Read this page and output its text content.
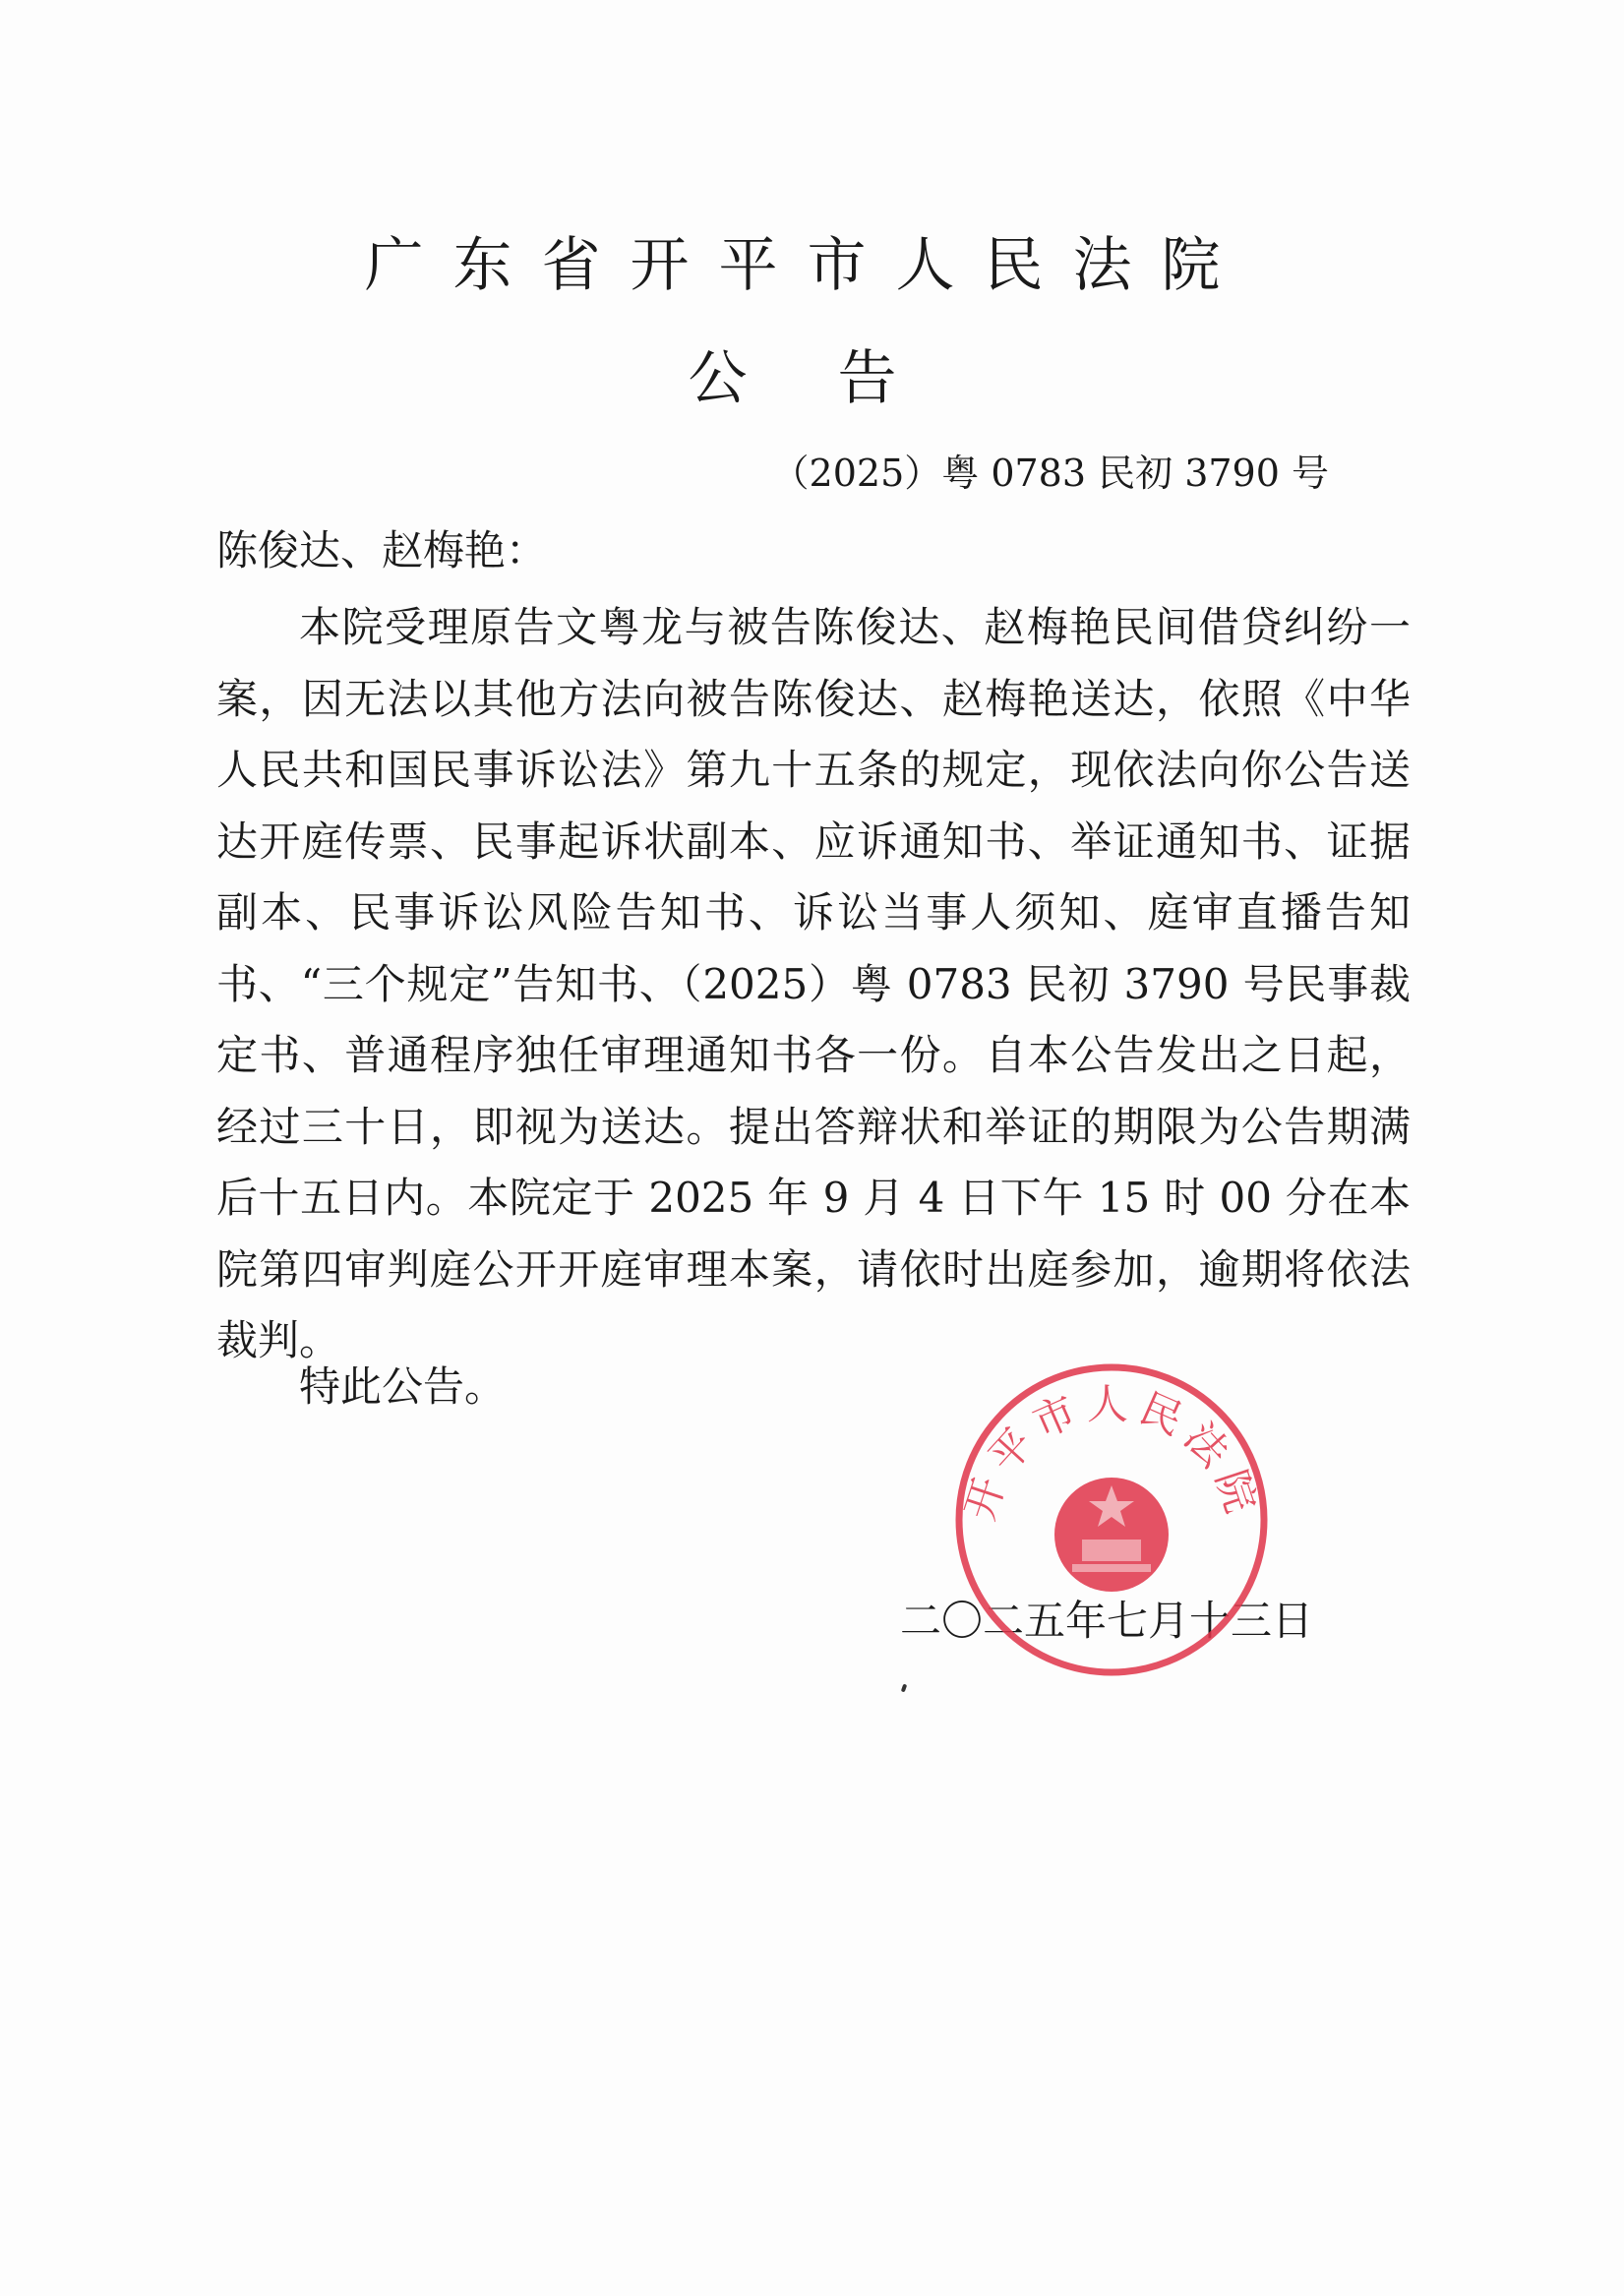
广东省开平市人民法院
公告
（2025）粤 0783 民初 3790 号
陈俊达、赵梅艳：
本院受理原告文粤龙与被告陈俊达、赵梅艳民间借贷纠纷一案，因无法以其他方法向被告陈俊达、赵梅艳送达，依照《中华人民共和国民事诉讼法》第九十五条的规定，现依法向你公告送达开庭传票、民事起诉状副本、应诉通知书、举证通知书、证据副本、民事诉讼风险告知书、诉讼当事人须知、庭审直播告知书、“三个规定”告知书、（2025）粤 0783 民初 3790 号民事裁定书、普通程序独任审理通知书各一份。自本公告发出之日起，经过三十日，即视为送达。提出答辩状和举证的期限为公告期满后十五日内。本院定于 2025 年 9 月 4 日下午 15 时 00 分在本院第四审判庭公开开庭审理本案，请依时出庭参加，逾期将依法裁判。
特此公告。
二〇二五年七月十三日
开平市人民法院
